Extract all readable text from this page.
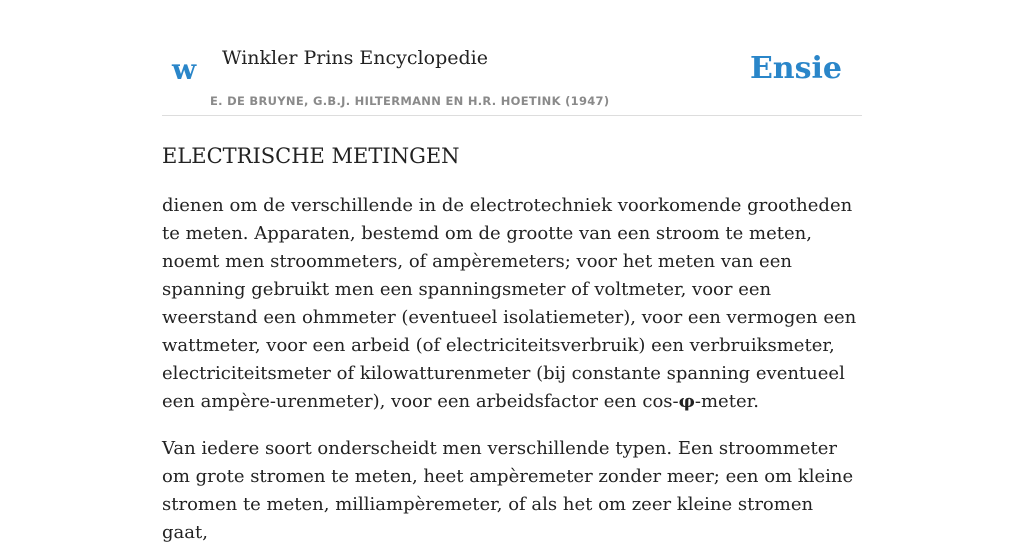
w Winkler Prins Encyclopedie
E. DE BRUYNE, G.B.J. HILTERMANN EN H.R. HOETINK (1947)
Ensie
ELECTRISCHE METINGEN

dienen om de verschillende in de electrotechniek voorkomende grootheden te meten. Apparaten, bestemd om de grootte van een stroom te meten, noemt men stroommeters, of ampèremeters; voor het meten van een spanning gebruikt men een spanningsmeter of voltmeter, voor een weerstand een ohmmeter (eventueel isolatiemeter), voor een vermogen een wattmeter, voor een arbeid (of electriciteitsverbruik) een verbruiksmeter, electriciteitsmeter of kilowatturenmeter (bij constante spanning eventueel een ampère-urenmeter), voor een arbeidsfactor een cos-φ-meter.

Van iedere soort onderscheidt men verschillende typen. Een stroommeter om grote stromen te meten, heet ampèremeter zonder meer; een om kleine stromen te meten, milliampèremeter, of als het om zeer kleine stromen gaat,
